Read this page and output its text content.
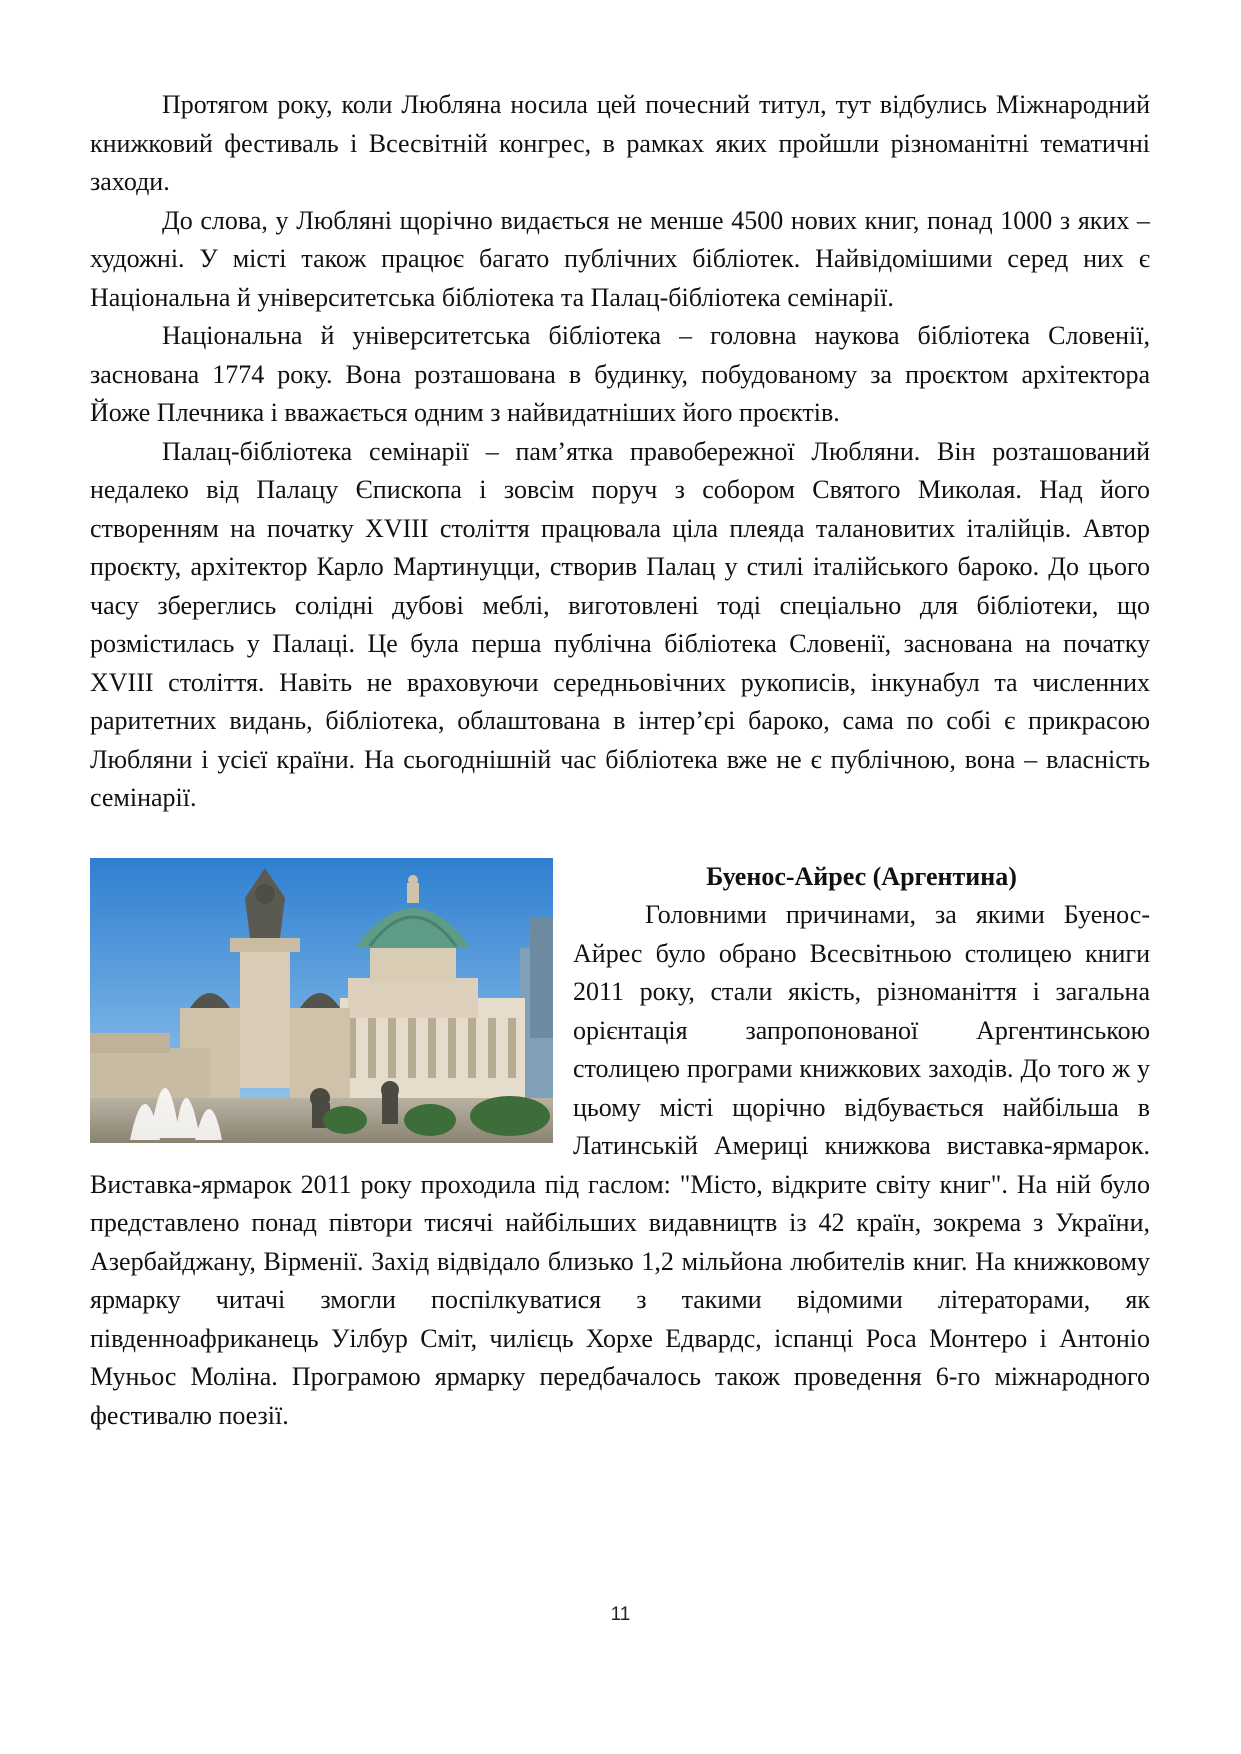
Протягом року, коли Любляна носила цей почесний титул, тут відбулись Міжнародний книжковий фестиваль і Всесвітній конгрес, в рамках яких пройшли різноманітні тематичні заходи.

До слова, у Любляні щорічно видається не менше 4500 нових книг, понад 1000 з яких – художні. У місті також працює багато публічних бібліотек. Найвідомішими серед них є Національна й університетська бібліотека та Палац-бібліотека семінарії.

Національна й університетська бібліотека – головна наукова бібліотека Словенії, заснована 1774 року. Вона розташована в будинку, побудованому за проєктом архітектора Йоже Плечника і вважається одним з найвидатніших його проєктів.

Палац-бібліотека семінарії – пам’ятка правобережної Любляни. Він розташований недалеко від Палацу Єпископа і зовсім поруч з собором Святого Миколая. Над його створенням на початку XVIII століття працювала ціла плеяда талановитих італійців. Автор проєкту, архітектор Карло Мартинуцци, створив Палац у стилі італійського бароко. До цього часу збереглись солідні дубові меблі, виготовлені тоді спеціально для бібліотеки, що розмістилась у Палаці. Це була перша публічна бібліотека Словенії, заснована на початку XVIII століття. Навіть не враховуючи середньовічних рукописів, інкунабул та численних раритетних видань, бібліотека, облаштована в інтер’єрі бароко, сама по собі є прикрасою Любляни і усієї країни. На сьогоднішній час бібліотека вже не є публічною, вона – власність семінарії.

Буенос-Айрес (Аргентина)

Головними причинами, за якими Буенос-Айрес було обрано Всесвітньою столицею книги 2011 року, стали якість, різноманіття і загальна орієнтація запропонованої Аргентинською столицею програми книжкових заходів. До того ж у цьому місті щорічно відбувається найбільша в Латинській Америці книжкова виставка-ярмарок. Виставка-ярмарок 2011 року проходила під гаслом: "Місто, відкрите світу книг". На ній було представлено понад півтори тисячі найбільших видавництв із 42 країн, зокрема з України, Азербайджану, Вірменії. Захід відвідало близько 1,2 мільйона любителів книг. На книжковому ярмарку читачі змогли поспілкуватися з такими відомими літераторами, як південноафриканець Уілбур Сміт, чилієць Хорхе Едвардс, іспанці Роса Монтеро і Антоніо Муньос Моліна. Програмою ярмарку передбачалось також проведення 6-го міжнародного фестивалю поезії.

11
